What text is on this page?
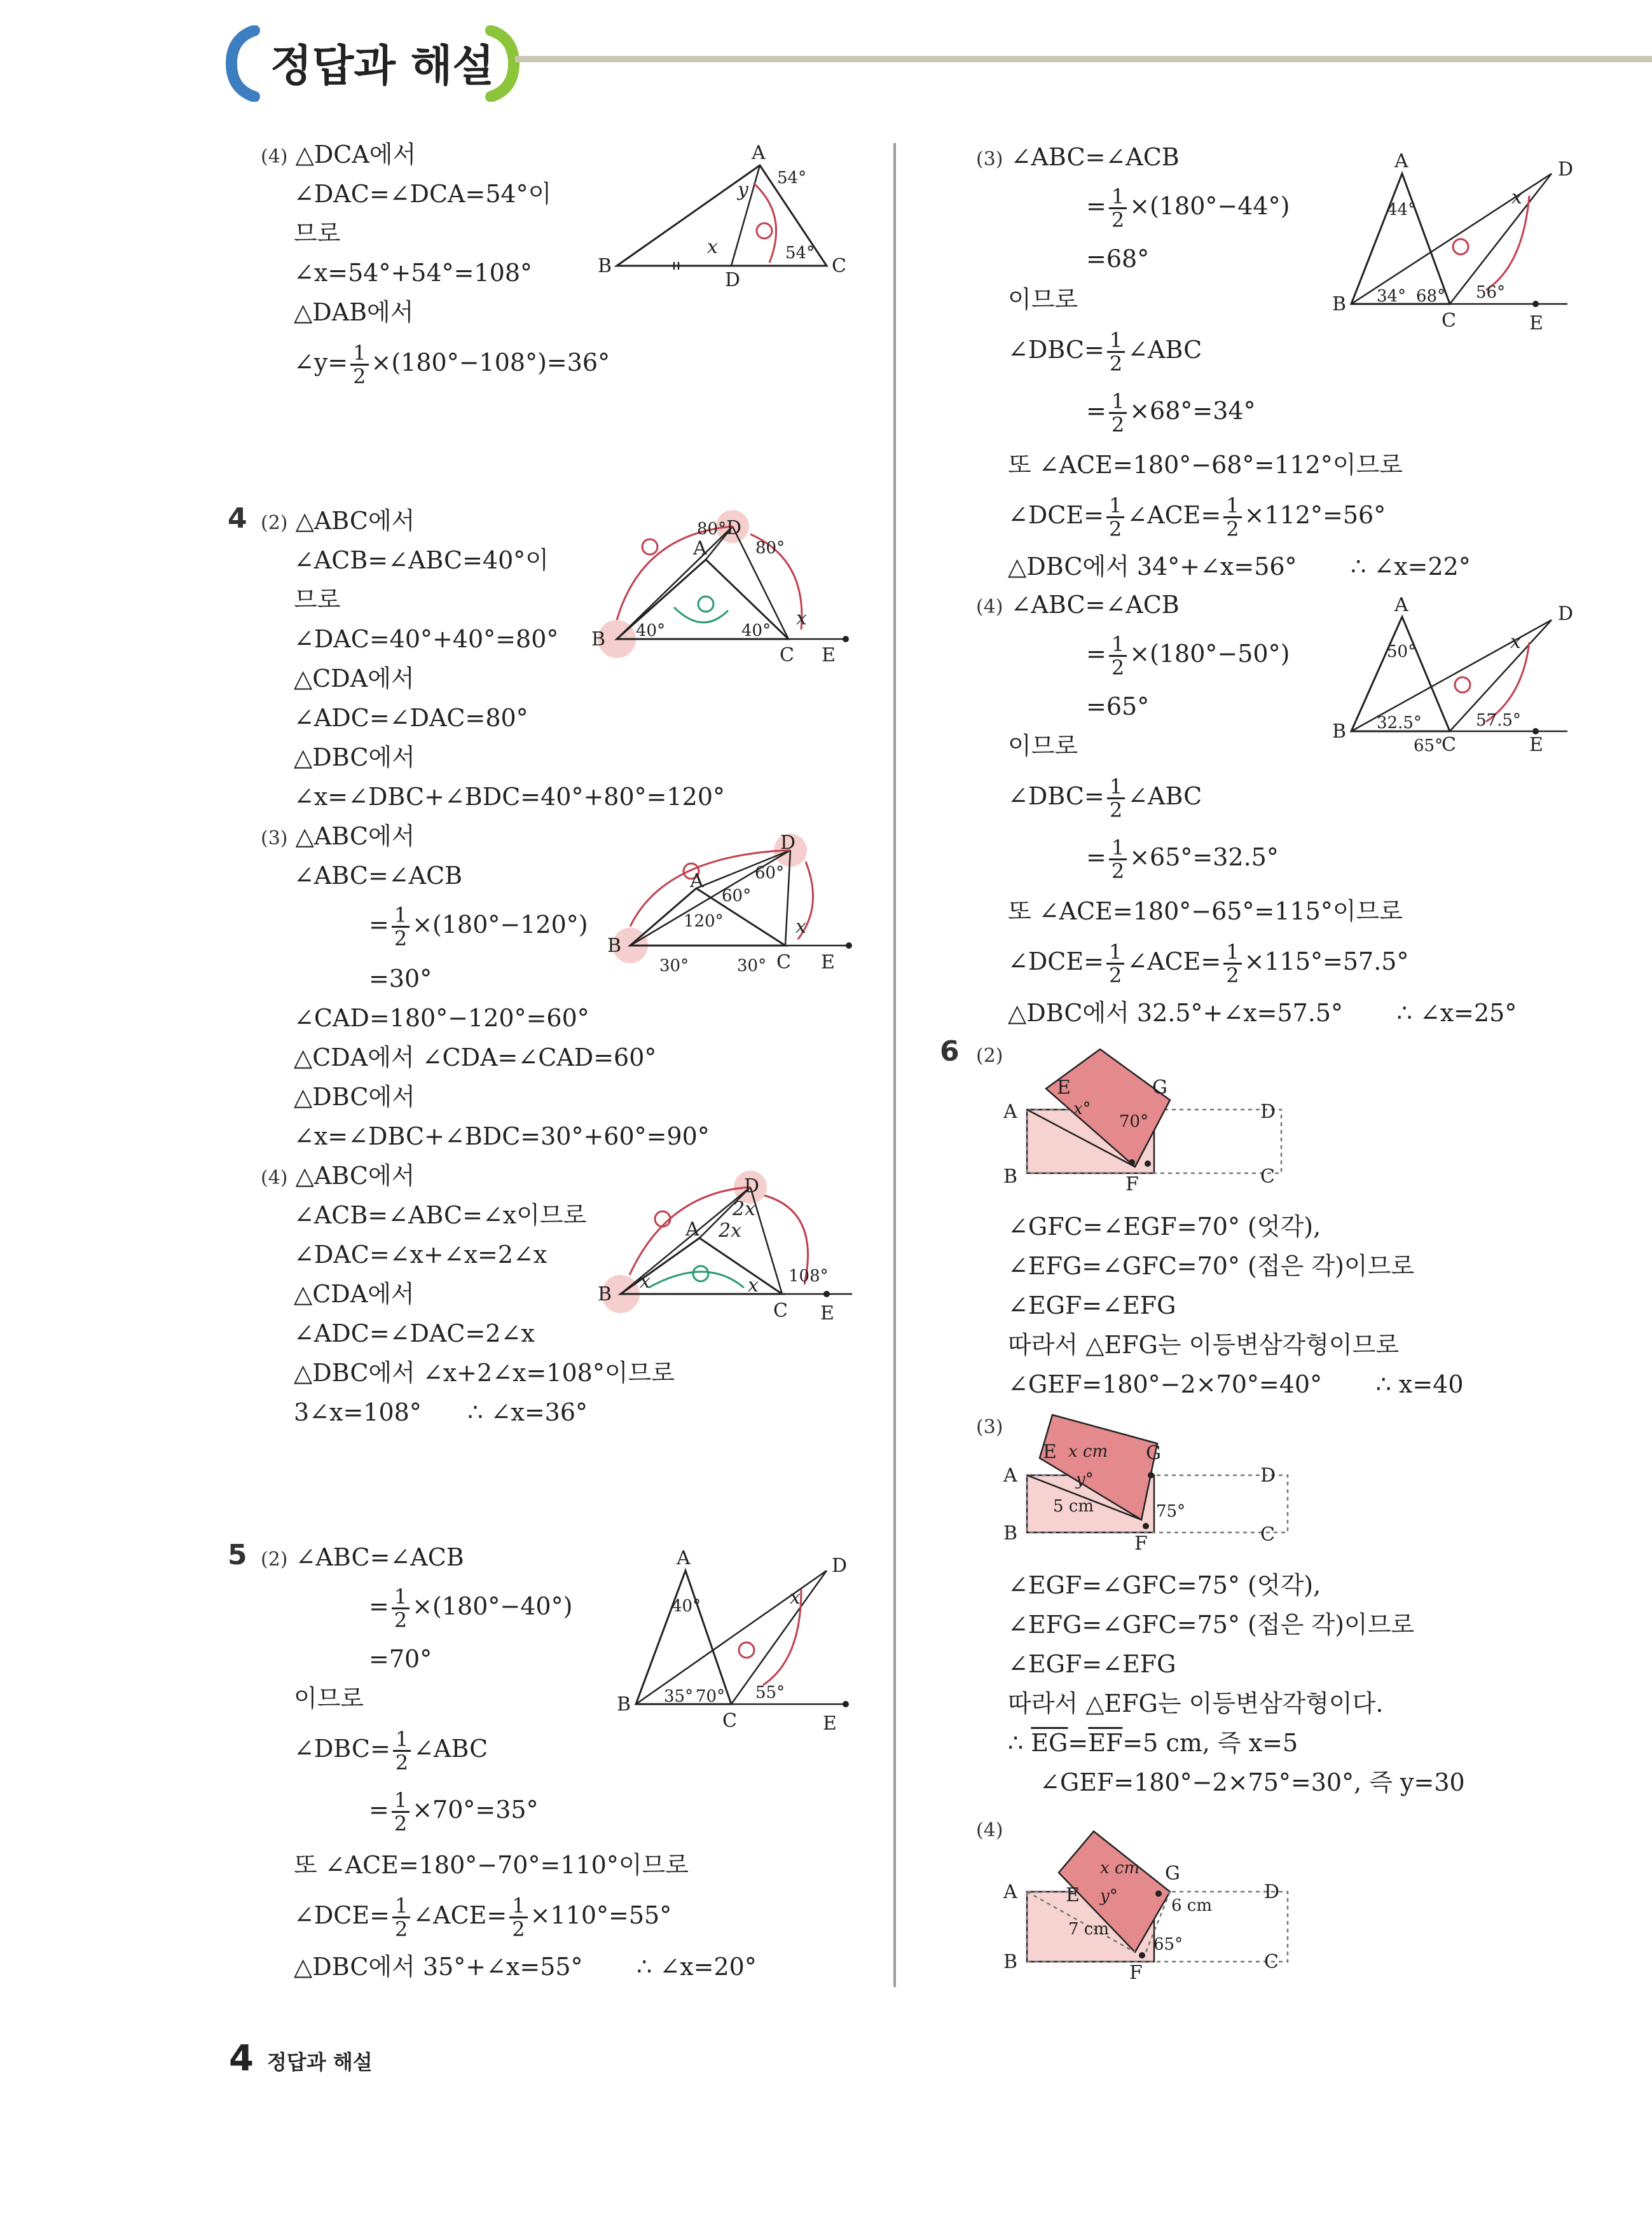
정답과 해설
(4) △DCA에서
∠DAC=∠DCA=54°이
므로
∠x=54°+54°=108°
△DAB에서
∠y= $\frac{1}{2} \times(180^\circ-108^\circ)=36^\circ$
A
B	C
D
x
y
54°
54°
4 (2) △ABC에서
∠ACB=∠ABC=40°이
므로
∠DAC=40°+40°=80°
△CDA에서
∠ADC=∠DAC=80°
△DBC에서
∠x=∠DBC+∠BDC=40°+80°=120°
A
B
C
D
E
x
80°
80°
40°	40°
(3) △ABC에서
∠ABC=∠ACB
= $\frac{1}{2} \times(180^\circ-120^\circ)$
=30°
∠CAD=180°−120°=60°
△CDA에서 ∠CDA=∠CAD=60°
△DBC에서
∠x=∠DBC+∠BDC=30°+60°=90°
A
B
C
D
E
x
60°
60°
120°
30°	30°
(4) △ABC에서
∠ACB=∠ABC=∠x이므로
∠DAC=∠x+∠x=2∠x
△CDA에서
∠ADC=∠DAC=2∠x
△DBC에서 ∠x+2∠x=108°이므로
3∠x=108° ∴ ∠x=36°
A
B
C
D
E
x	x
2x
2x
108°
5 (2) ∠ABC=∠ACB
= $\frac{1}{2} \times(180^\circ-40^\circ)$
=70°
이므로
∠DBC= $\frac{1}{2}$ ∠ABC
= $\frac{1}{2} \times 70^\circ=35^\circ$
또 ∠ACE=180°−70°=110°이므로
∠DCE= $\frac{1}{2}$ ∠ACE= $\frac{1}{2} \times 110^\circ=55^\circ$
△DBC에서 35°+∠x=55° ∴ ∠x=20°
A
B
C
D
E
x
40°
35° 70° 55°
(3) ∠ABC=∠ACB
= $\frac{1}{2} \times(180^\circ-44^\circ)$
=68°
이므로
∠DBC= $\frac{1}{2}$ ∠ABC
= $\frac{1}{2} \times 68^\circ=34^\circ$
또 ∠ACE=180°−68°=112°이므로
∠DCE= $\frac{1}{2}$ ∠ACE= $\frac{1}{2} \times 112^\circ=56^\circ$
△DBC에서 34°+∠x=56° ∴ ∠x=22°
A
B
C
D
E
x
44°
34° 68° 56°
(4) ∠ABC=∠ACB
= $\frac{1}{2} \times(180^\circ-50^\circ)$
=65°
이므로
∠DBC= $\frac{1}{2}$ ∠ABC
= $\frac{1}{2} \times 65^\circ=32.5^\circ$
또 ∠ACE=180°−65°=115°이므로
∠DCE= $\frac{1}{2}$ ∠ACE= $\frac{1}{2} \times 115^\circ=57.5^\circ$
△DBC에서 32.5°+∠x=57.5° ∴ ∠x=25°
A
B
C
D
E
x
50°
32.5°
65°
57.5°
6 (2)
A
B	C
D
E
F
G
x°
70°
∠GFC=∠EGF=70° (엇각),
∠EFG=∠GFC=70° (접은 각)이므로
∠EGF=∠EFG
따라서 △EFG는 이등변삼각형이므로
∠GEF=180°−2×70°=40° ∴ x=40
(3)
A
B	C
D
E
F
G
x cm
y°
5 cm	75°
∠EGF=∠GFC=75° (엇각),
∠EFG=∠GFC=75° (접은 각)이므로
∠EGF=∠EFG
따라서 △EFG는 이등변삼각형이다.
∴ $\overline{EG}=\overline{EF}=5$ cm, 즉 x=5
∠GEF=180°−2×75°=30°, 즉 y=30
(4)
A
B	C
D
E
F
G
x cm
y°	6 cm
7 cm
65°
4 정답과 해설
